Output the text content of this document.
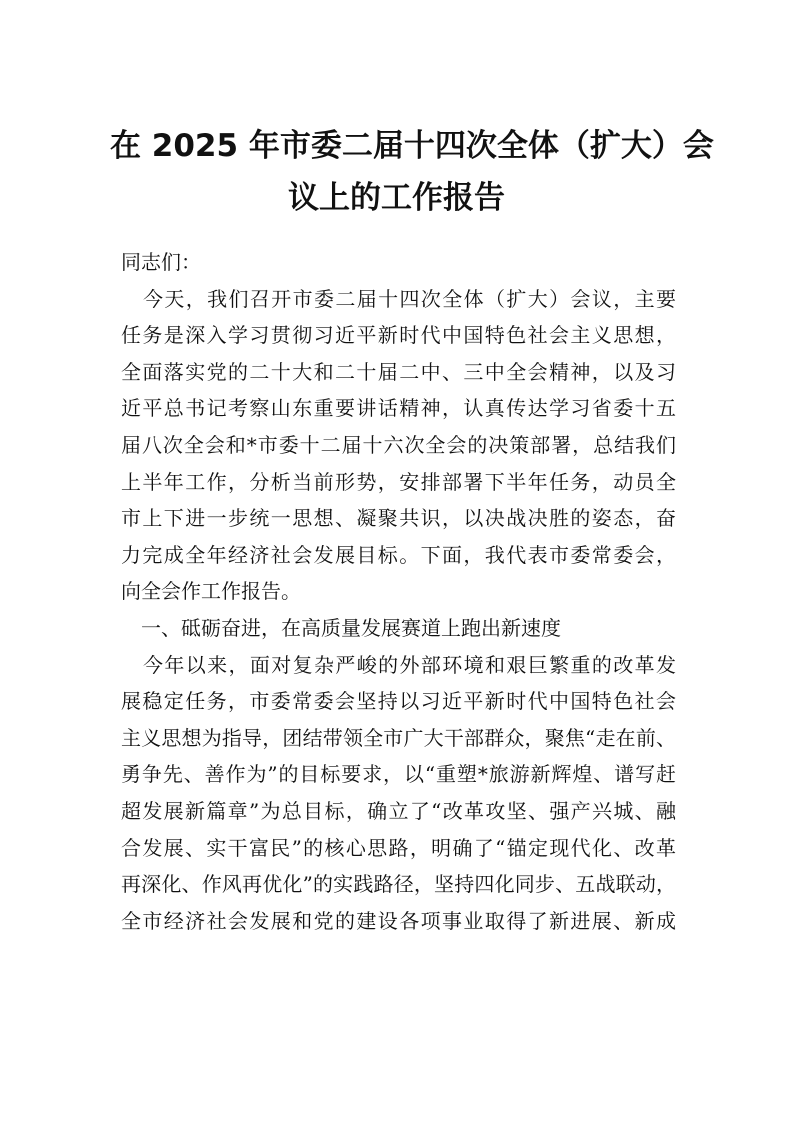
在 2025 年市委二届十四次全体（扩大）会
议上的工作报告
同志们：
今天，我们召开市委二届十四次全体（扩大）会议，主要
任务是深入学习贯彻习近平新时代中国特色社会主义思想，
全面落实党的二十大和二十届二中、三中全会精神，以及习
近平总书记考察山东重要讲话精神，认真传达学习省委十五
届八次全会和*市委十二届十六次全会的决策部署，总结我们
上半年工作，分析当前形势，安排部署下半年任务，动员全
市上下进一步统一思想、凝聚共识，以决战决胜的姿态，奋
力完成全年经济社会发展目标。下面，我代表市委常委会，
向全会作工作报告。
一、砥砺奋进，在高质量发展赛道上跑出新速度
今年以来，面对复杂严峻的外部环境和艰巨繁重的改革发
展稳定任务，市委常委会坚持以习近平新时代中国特色社会
主义思想为指导，团结带领全市广大干部群众，聚焦“走在前、
勇争先、善作为”的目标要求，以“重塑*旅游新辉煌、谱写赶
超发展新篇章”为总目标，确立了“改革攻坚、强产兴城、融
合发展、实干富民”的核心思路，明确了“锚定现代化、改革
再深化、作风再优化”的实践路径，坚持四化同步、五战联动，
全市经济社会发展和党的建设各项事业取得了新进展、新成
